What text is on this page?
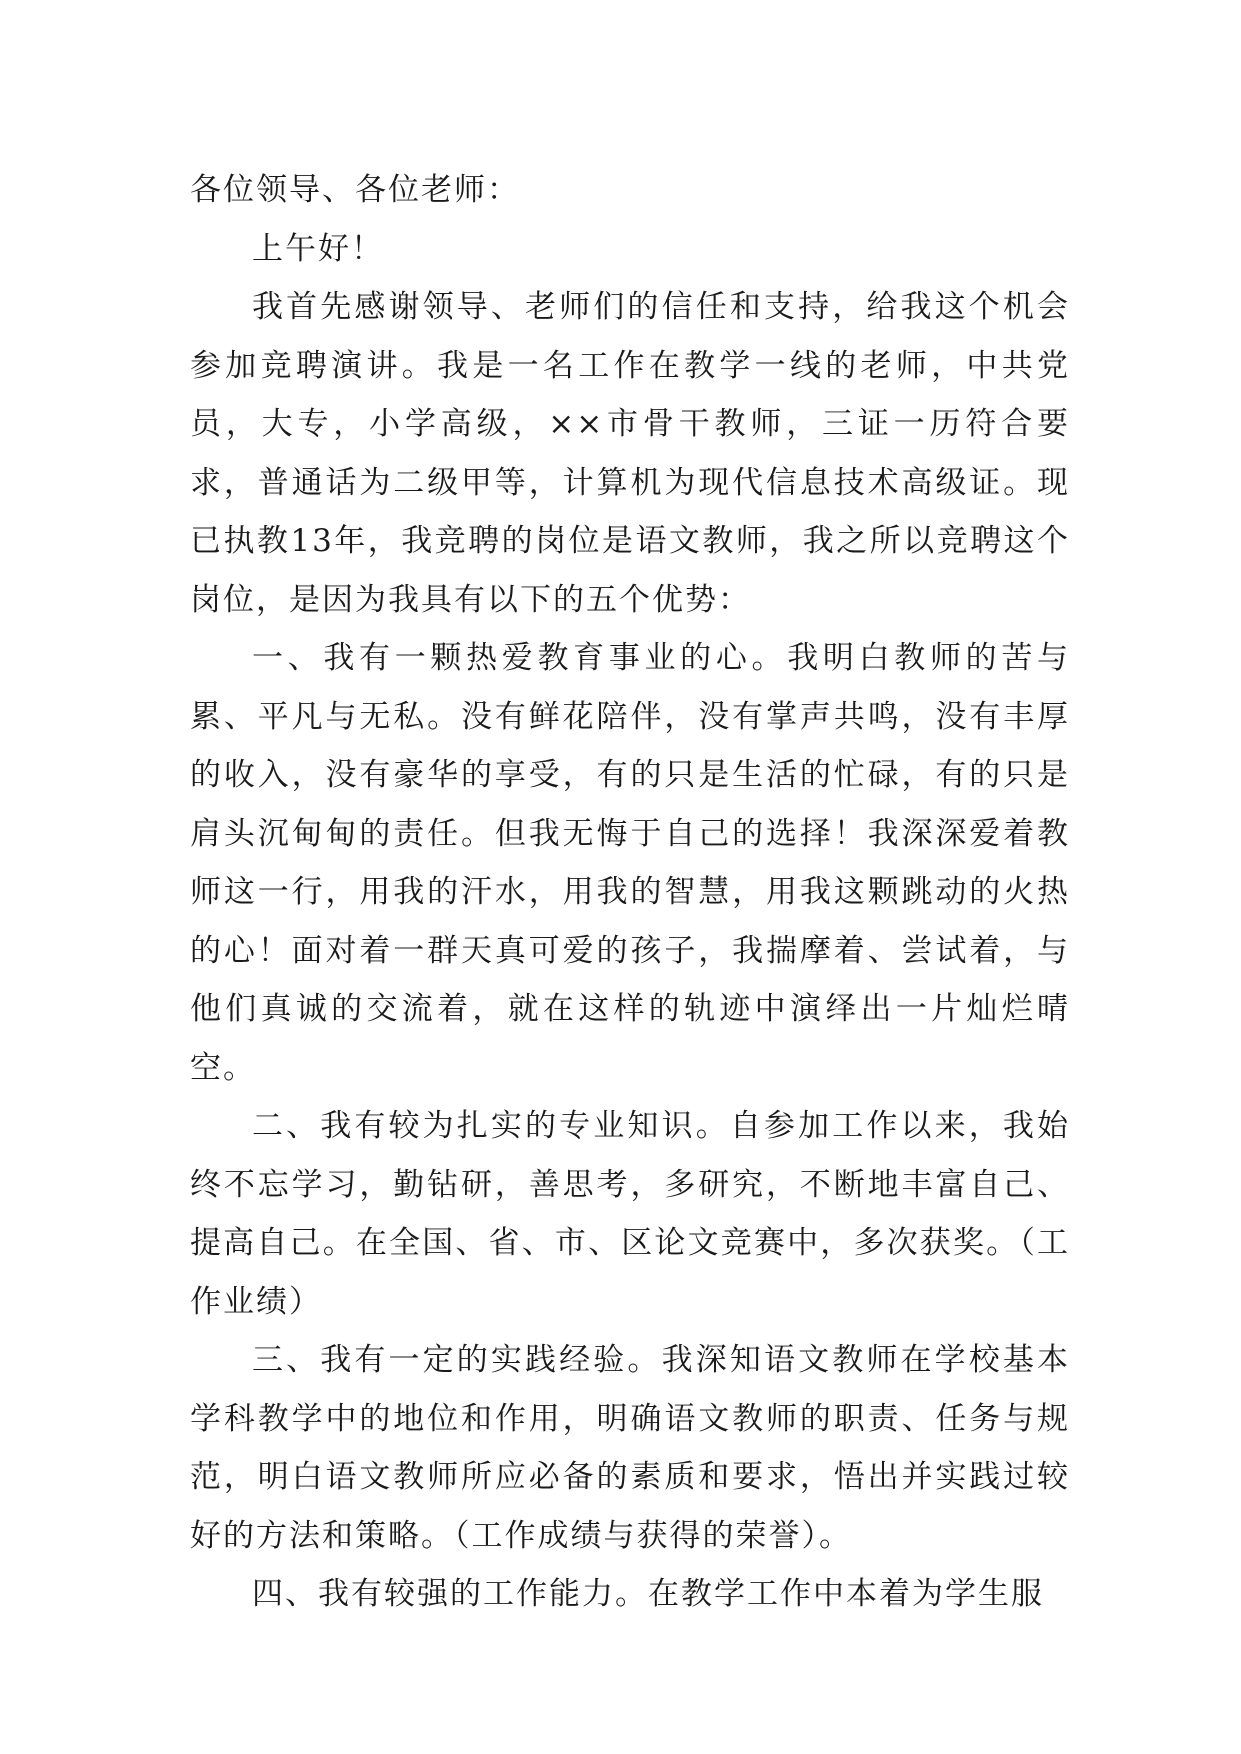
各位领导、各位老师：

上午好！

我首先感谢领导、老师们的信任和支持，给我这个机会参加竞聘演讲。我是一名工作在教学一线的老师，中共党员，大专，小学高级，××市骨干教师，三证一历符合要求，普通话为二级甲等，计算机为现代信息技术高级证。现已执教13年，我竞聘的岗位是语文教师，我之所以竞聘这个岗位，是因为我具有以下的五个优势：

一、我有一颗热爱教育事业的心。我明白教师的苦与累、平凡与无私。没有鲜花陪伴，没有掌声共鸣，没有丰厚的收入，没有豪华的享受，有的只是生活的忙碌，有的只是肩头沉甸甸的责任。但我无悔于自己的选择！我深深爱着教师这一行，用我的汗水，用我的智慧，用我这颗跳动的火热的心！面对着一群天真可爱的孩子，我揣摩着、尝试着，与他们真诚的交流着，就在这样的轨迹中演绎出一片灿烂晴空。

二、我有较为扎实的专业知识。自参加工作以来，我始终不忘学习，勤钻研，善思考，多研究，不断地丰富自己、提高自己。在全国、省、市、区论文竞赛中，多次获奖。（工作业绩）

三、我有一定的实践经验。我深知语文教师在学校基本学科教学中的地位和作用，明确语文教师的职责、任务与规范，明白语文教师所应必备的素质和要求，悟出并实践过较好的方法和策略。（工作成绩与获得的荣誉）。

四、我有较强的工作能力。在教学工作中本着为学生服
